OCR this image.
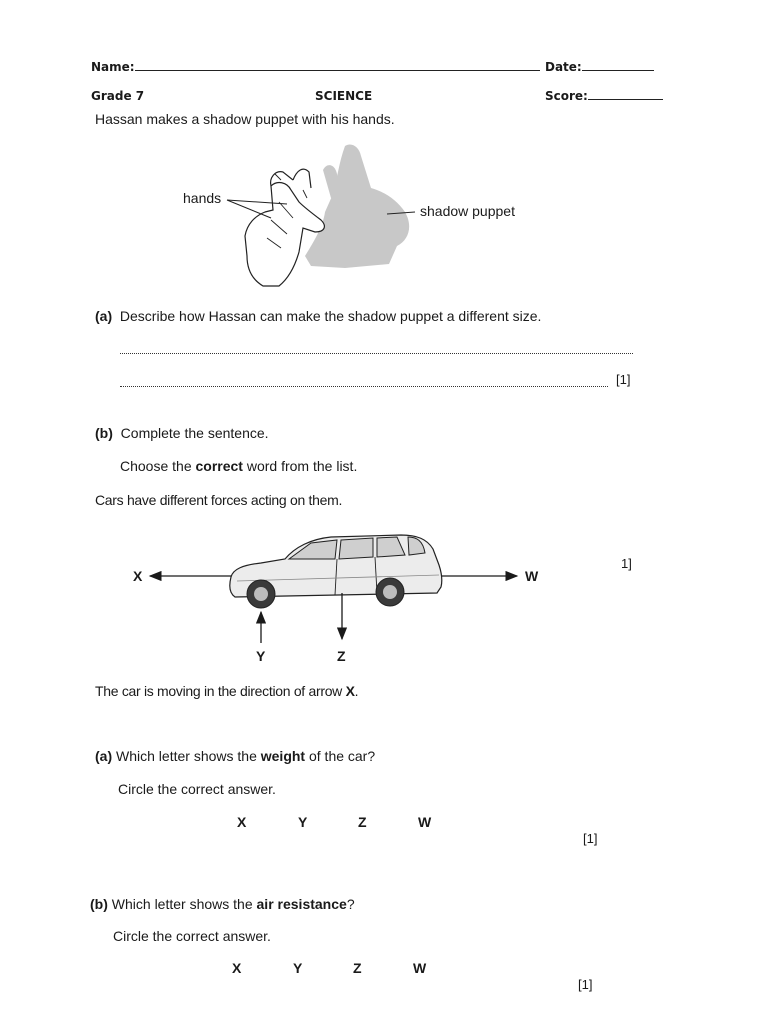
Name:	Date:
Grade 7	SCIENCE	Score:
Hassan makes a shadow puppet with his hands.
hands
shadow puppet
(a) Describe how Hassan can make the shadow puppet a different size.
[1]
(b) Complete the sentence.
Choose the correct word from the list.
Cars have different forces acting on them.
X	W
Y	Z
1]
The car is moving in the direction of arrow X.
(a) Which letter shows the weight of the car?
Circle the correct answer.
X	Y	Z	W
[1]
(b) Which letter shows the air resistance?
Circle the correct answer.
X	Y	Z	W
[1]
